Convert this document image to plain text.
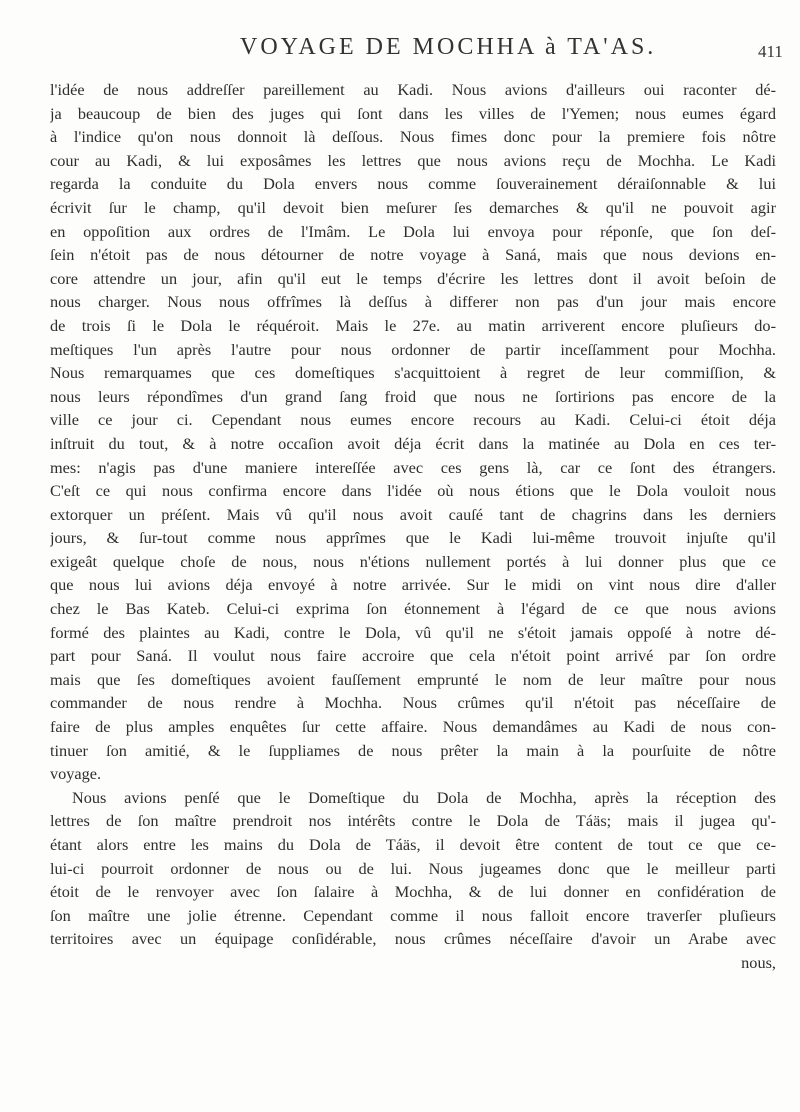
VOYAGE DE MOCHHA à TA'AS.	411
l'idée de nous addreſſer pareillement au Kadi. Nous avions d'ailleurs oui raconter dé-
ja beaucoup de bien des juges qui ſont dans les villes de l'Yemen; nous eumes égard
à l'indice qu'on nous donnoit là deſſous. Nous fimes donc pour la premiere fois nôtre
cour au Kadi, & lui exposâmes les lettres que nous avions reçu de Mochha. Le Kadi
regarda la conduite du Dola envers nous comme ſouverainement déraiſonnable & lui
écrivit ſur le champ, qu'il devoit bien meſurer ſes demarches & qu'il ne pouvoit agir
en oppoſition aux ordres de l'Imâm. Le Dola lui envoya pour réponſe, que ſon deſ-
ſein n'étoit pas de nous détourner de notre voyage à Saná, mais que nous devions en-
core attendre un jour, afin qu'il eut le temps d'écrire les lettres dont il avoit beſoin de
nous charger. Nous nous offrîmes là deſſus à differer non pas d'un jour mais encore
de trois ſi le Dola le réquéroit. Mais le 27e. au matin arriverent encore pluſieurs do-
meſtiques l'un après l'autre pour nous ordonner de partir inceſſamment pour Mochha.
Nous remarquames que ces domeſtiques s'acquittoient à regret de leur commiſſion, &
nous leurs répondîmes d'un grand ſang froid que nous ne ſortirions pas encore de la
ville ce jour ci. Cependant nous eumes encore recours au Kadi. Celui-ci étoit déja
inſtruit du tout, & à notre occaſion avoit déja écrit dans la matinée au Dola en ces ter-
mes: n'agis pas d'une maniere intereſſée avec ces gens là, car ce ſont des étrangers.
C'eſt ce qui nous confirma encore dans l'idée où nous étions que le Dola vouloit nous
extorquer un préſent. Mais vû qu'il nous avoit cauſé tant de chagrins dans les derniers
jours, & ſur-tout comme nous apprîmes que le Kadi lui-même trouvoit injuſte qu'il
exigeât quelque choſe de nous, nous n'étions nullement portés à lui donner plus que ce
que nous lui avions déja envoyé à notre arrivée. Sur le midi on vint nous dire d'aller
chez le Bas Kateb. Celui-ci exprima ſon étonnement à l'égard de ce que nous avions
formé des plaintes au Kadi, contre le Dola, vû qu'il ne s'étoit jamais oppoſé à notre dé-
part pour Saná. Il voulut nous faire accroire que cela n'étoit point arrivé par ſon ordre
mais que ſes domeſtiques avoient fauſſement emprunté le nom de leur maître pour nous
commander de nous rendre à Mochha. Nous crûmes qu'il n'étoit pas néceſſaire de
faire de plus amples enquêtes ſur cette affaire. Nous demandâmes au Kadi de nous con-
tinuer ſon amitié, & le ſuppliames de nous prêter la main à la pourſuite de nôtre
voyage.
Nous avions penſé que le Domeſtique du Dola de Mochha, après la réception des
lettres de ſon maître prendroit nos intérêts contre le Dola de Táäs; mais il jugea qu'-
étant alors entre les mains du Dola de Táäs, il devoit être content de tout ce que ce-
lui-ci pourroit ordonner de nous ou de lui. Nous jugeames donc que le meilleur parti
étoit de le renvoyer avec ſon ſalaire à Mochha, & de lui donner en confidération de
ſon maître une jolie étrenne. Cependant comme il nous falloit encore traverſer pluſieurs
territoires avec un équipage conſidérable, nous crûmes néceſſaire d'avoir un Arabe avec
nous,
